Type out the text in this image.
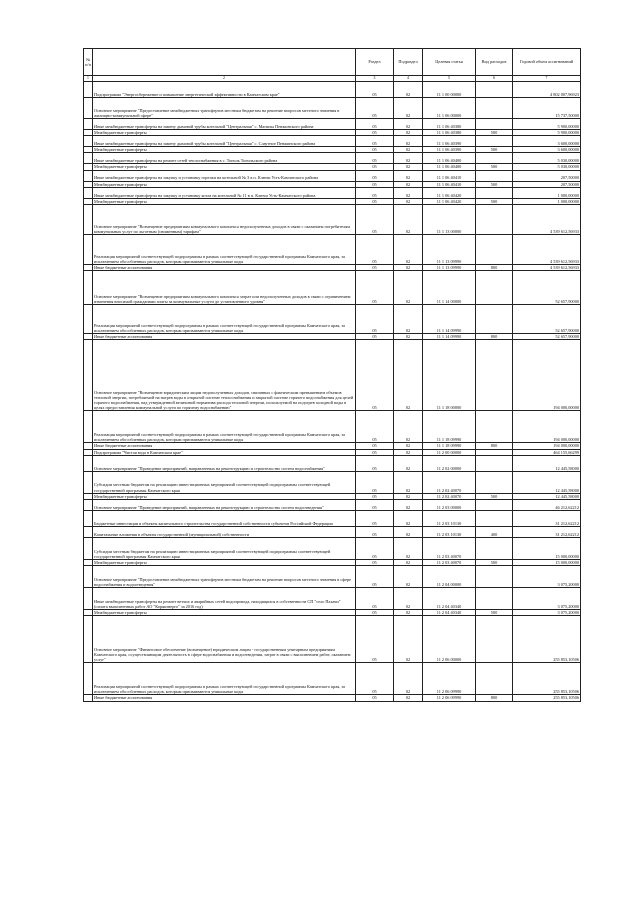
№ п/п		Раздел	Подраздел	Целевая статья	Вид расходов	Годовой объем ассигнований
1	2	3	4	5	6	7
	Подпрограмма "Энергосбережение и повышение энергетической эффективности в Камчатском крае"	05	02	11 1 00 00000		4 802 007,96923
	Основное мероприятие "Предоставление межбюджетных трансфертов местным бюджетам на решение вопросов местного значения в жилищно-коммунальной сфере"	05	02	11 1 06 00000		15 737,50000
	Иные межбюджетные трансферты на замену дымовой трубы котельной "Центральная" с. Манилы Пенжинского района	05	02	11 1 06 40380		5 900,00000
	Межбюджетные трансферты	05	02	11 1 06 40380	500	5 900,00000
	Иные межбюджетные трансферты на замену дымовой трубы котельной "Центральная" с. Слаутное Пенжинского района	05	02	11 1 06 40390		3 600,00000
	Межбюджетные трансферты	05	02	11 1 06 40390	500	3 600,00000
	Иные межбюджетные трансферты на ремонт сетей теплоснабжения в с. Тигиль Тигильского района	05	02	11 1 06 40400		5 030,00000
	Межбюджетные трансферты	05	02	11 1 06 40400	500	5 030,00000
	Иные межбюджетные трансферты на закупку и установку горелки на котельной № 3 в п. Ключи Усть-Камчатского района	05	02	11 1 06 40410		207,50000
	Межбюджетные трансферты	05	02	11 1 06 40410	500	207,50000
	Иные межбюджетные трансферты на закупку и установку котла на котельной № 11 в п. Ключи Усть-Камчатского района	05	02	11 1 06 40420		1 000,00000
	Межбюджетные трансферты	05	02	11 1 06 40420	500	1 000,00000
	Основное мероприятие "Возмещение предприятиям коммунального комплекса недополученных доходов в связи с оказанием потребителям коммунальных услуг по льготным (сниженным) тарифам"	05	02	11 1 13 00000		4 539 612,56933
	Реализация мероприятий соответствующей подпрограммы в рамках соответствующей государственной программы Камчатского края, за исключением обособленных расходов, которым присваиваются уникальные коды	05	02	11 1 13 09990		4 539 612,56933
	Иные бюджетные ассигнования	05	02	11 1 13 09990	800	4 539 612,56933
	Основное мероприятие "Возмещение предприятиям коммунального комплекса затрат или недополученных доходов в связи с ограничением изменения вносимой гражданами платы за коммунальные услуги до установленного уровня"	05	02	11 1 14 00000		52 657,90000
	Реализация мероприятий соответствующей подпрограммы в рамках соответствующей государственной программы Камчатского края, за исключением обособленных расходов, которым присваиваются уникальные коды	05	02	11 1 14 09990		52 657,90000
	Иные бюджетные ассигнования	05	02	11 1 14 09990	800	52 657,90000
	Основное мероприятие "Возмещение юридическим лицам недополученных доходов, связанных с фактическим превышением объемов тепловой энергии, потребляемой на нагрев воды в открытой системе теплоснабжения и закрытой системе горячего водоснабжения для целей горячего водоснабжения, над утвержденной величиной норматива расхода тепловой энергии, используемой на подогрев холодной воды в целях предоставления коммунальной услуги по горячему водоснабжению"	05	02	11 1 18 00000		194 000,00000
	Реализация мероприятий соответствующей подпрограммы в рамках соответствующей государственной программы Камчатского края, за исключением обособленных расходов, которым присваиваются уникальные коды	05	02	11 1 18 09990		194 000,00000
	Иные бюджетные ассигнования	05	02	11 1 18 09990	800	194 000,00000
	Подпрограмма "Чистая вода в Камчатском крае"	05	02	11 2 00 00000		464 155,66299
	Основное мероприятие "Проведение мероприятий, направленных на реконструкцию и строительство систем водоснабжения"	05	02	11 2 02 00000		12 445,58000
	Субсидии местным бюджетам на реализацию инвестиционных мероприятий соответствующей подпрограммы соответствующей государственной программы Камчатского края	05	02	11 2 02 40070		12 445,58000
	Межбюджетные трансферты	05	02	11 2 02 40070	500	12 445,58000
	Основное мероприятие "Проведение мероприятий, направленных на реконструкцию и строительство систем водоотведения"	05	02	11 2 03 00000		46 212,62212
	Бюджетные инвестиции в объекты капитального строительства государственной собственности субъектов Российской Федерации	05	02	11 2 03 10130		31 212,62212
	Капитальные вложения в объекты государственной (муниципальной) собственности	05	02	11 2 03 10130	400	31 212,62212
	Субсидии местным бюджетам на реализацию инвестиционных мероприятий соответствующей подпрограммы соответствующей государственной программы Камчатского края	05	02	11 2 03 40070		15 000,00000
	Межбюджетные трансферты	05	02	11 2 03 40070	500	15 000,00000
	Основное мероприятие "Предоставление межбюджетных трансфертов местным бюджетам на решение вопросов местного значения в сфере водоснабжения и водоотведения"	05	02	11 2 04 00000		3 075,20000
	Иные межбюджетные трансферты на ремонт ветхих и аварийных сетей водопровода, находящихся в собственности СП "село Пахачи" (оплата выполненных работ АО "Корякэнерго" за 2016 год)	05	02	11 2 04 40340		3 075,20000
	Межбюджетные трансферты	05	02	11 2 04 40340	500	3 075,20000
	Основное мероприятие "Финансовое обеспечение (возмещение) юридическим лицам - государственным унитарным предприятиям Камчатского края, осуществляющим деятельность в сфере водоснабжения и водоотведения, затрат в связи с выполнением работ, оказанием услуг"	05	02	11 2 06 00000		255 853,10506
	Реализация мероприятий соответствующей подпрограммы в рамках соответствующей государственной программы Камчатского края, за исключением обособленных расходов, которым присваиваются уникальные коды	05	02	11 2 06 09990		255 853,10506
	Иные бюджетные ассигнования	05	02	11 2 06 09990	800	255 853,10506
